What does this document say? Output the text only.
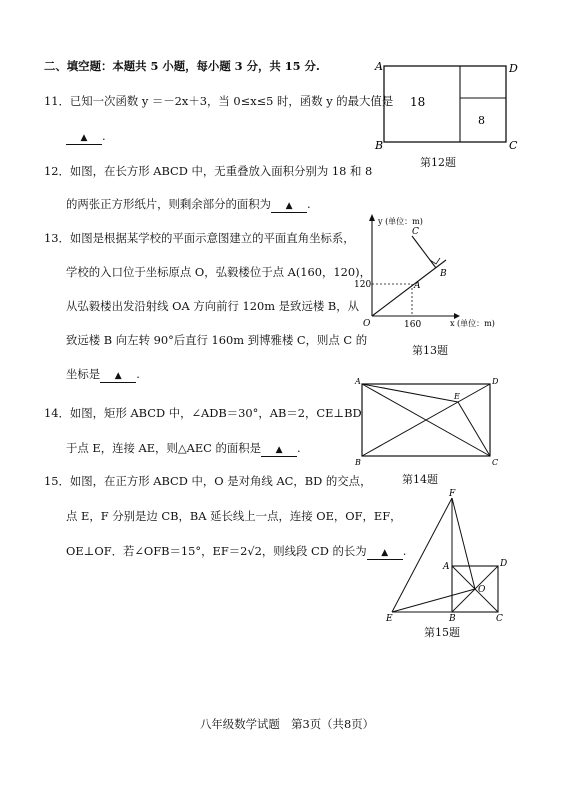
二、填空题：本题共 5 小题，每小题 3 分，共 15 分.
11．已知一次函数 y ＝－2x＋3，当 0≤x≤5 时，函数 y 的最大值是
▲ .
12．如图，在长方形 ABCD 中，无重叠放入面积分别为 18 和 8
的两张正方形纸片，则剩余部分的面积为 ▲ .
13．如图是根据某学校的平面示意图建立的平面直角坐标系，
学校的入口位于坐标原点 O，弘毅楼位于点 A(160，120)，
从弘毅楼出发沿射线 OA 方向前行 120m 是致远楼 B，从
致远楼 B 向左转 90°后直行 160m 到博雅楼 C，则点 C 的
坐标是 ▲ .
14．如图，矩形 ABCD 中，∠ADB＝30°，AB＝2，CE⊥BD
于点 E，连接 AE，则△AEC 的面积是 ▲ .
15．如图，在正方形 ABCD 中，O 是对角线 AC，BD 的交点，
点 E，F 分别是边 CB，BA 延长线上一点，连接 OE，OF，EF，
OE⊥OF．若∠OFB＝15°，EF＝2√2，则线段 CD 的长为 ▲ .
A
B	C
D
18
8
第12题
y (单位：m)
x (单位：m)
120
160
O
A
B
C
第13题
A
B	C
D
E
第14题
F
A	D
O
E	B	C
第15题
八年级数学试题　第3页（共8页）
